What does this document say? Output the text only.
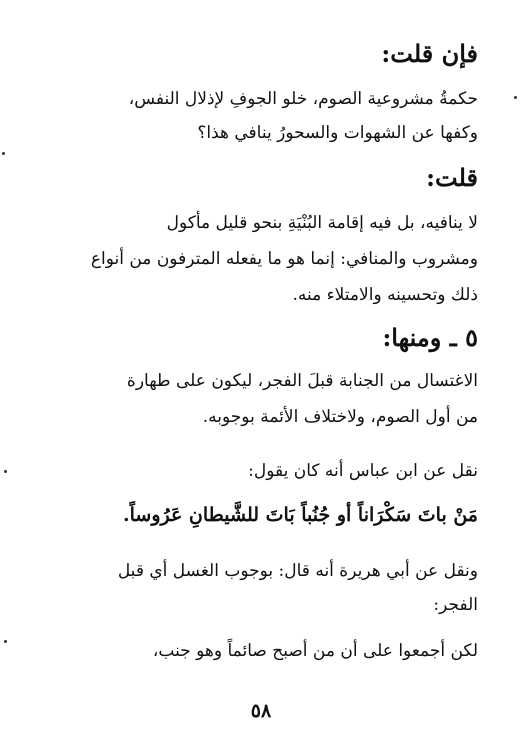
فإن قلت:
حكمةُ مشروعية الصوم، خلو الجوفِ لإذلال النفس،
وكفها عن الشهوات والسحورُ ينافي هذا؟
قلت:
لا ينافيه، بل فيه إقامة البُنْيَةِ بنحو قليل مأكول
ومشروب والمنافي: إنما هو ما يفعله المترفون من أنواع
ذلك وتحسينه والامتلاء منه.
٥ ـ ومنها:
الاغتسال من الجنابة قبلَ الفجر، ليكون على طهارة
من أول الصوم، ولاختلاف الأئمة بوجوبه.
نقل عن ابن عباس أنه كان يقول:
مَنْ باتَ سَكْرَاناً أو جُنُباً بَاتَ للشَّيطانِ عَرُوساً.
ونقل عن أبي هريرة أنه قال: بوجوب الغسل أي قبل
الفجر:
لكن أجمعوا على أن من أصبح صائماً وهو جنب،
٥٨
